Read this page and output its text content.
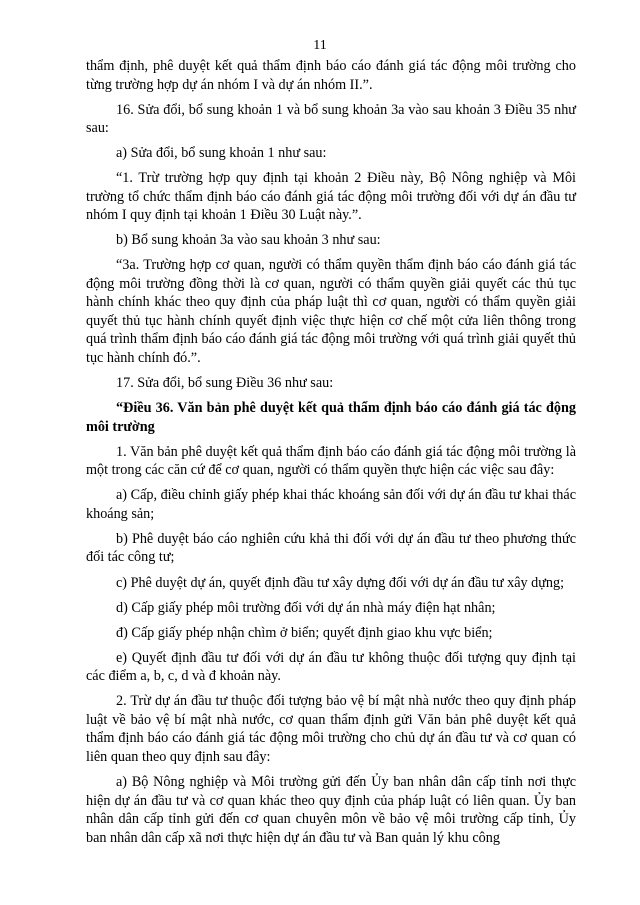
11

thẩm định, phê duyệt kết quả thẩm định báo cáo đánh giá tác động môi trường cho từng trường hợp dự án nhóm I và dự án nhóm II.”.

16. Sửa đổi, bổ sung khoản 1 và bổ sung khoản 3a vào sau khoản 3 Điều 35 như sau:

a) Sửa đổi, bổ sung khoản 1 như sau:

“1. Trừ trường hợp quy định tại khoản 2 Điều này, Bộ Nông nghiệp và Môi trường tổ chức thẩm định báo cáo đánh giá tác động môi trường đối với dự án đầu tư nhóm I quy định tại khoản 1 Điều 30 Luật này.”.

b) Bổ sung khoản 3a vào sau khoản 3 như sau:

“3a. Trường hợp cơ quan, người có thẩm quyền thẩm định báo cáo đánh giá tác động môi trường đồng thời là cơ quan, người có thẩm quyền giải quyết các thủ tục hành chính khác theo quy định của pháp luật thì cơ quan, người có thẩm quyền giải quyết thủ tục hành chính quyết định việc thực hiện cơ chế một cửa liên thông trong quá trình thẩm định báo cáo đánh giá tác động môi trường với quá trình giải quyết thủ tục hành chính đó.”.

17. Sửa đổi, bổ sung Điều 36 như sau:

“Điều 36. Văn bản phê duyệt kết quả thẩm định báo cáo đánh giá tác động môi trường

1. Văn bản phê duyệt kết quả thẩm định báo cáo đánh giá tác động môi trường là một trong các căn cứ để cơ quan, người có thẩm quyền thực hiện các việc sau đây:

a) Cấp, điều chỉnh giấy phép khai thác khoáng sản đối với dự án đầu tư khai thác khoáng sản;

b) Phê duyệt báo cáo nghiên cứu khả thi đối với dự án đầu tư theo phương thức đối tác công tư;

c) Phê duyệt dự án, quyết định đầu tư xây dựng đối với dự án đầu tư xây dựng;

d) Cấp giấy phép môi trường đối với dự án nhà máy điện hạt nhân;

đ) Cấp giấy phép nhận chìm ở biển; quyết định giao khu vực biển;

e) Quyết định đầu tư đối với dự án đầu tư không thuộc đối tượng quy định tại các điểm a, b, c, d và đ khoản này.

2. Trừ dự án đầu tư thuộc đối tượng bảo vệ bí mật nhà nước theo quy định pháp luật về bảo vệ bí mật nhà nước, cơ quan thẩm định gửi Văn bản phê duyệt kết quả thẩm định báo cáo đánh giá tác động môi trường cho chủ dự án đầu tư và cơ quan có liên quan theo quy định sau đây:

a) Bộ Nông nghiệp và Môi trường gửi đến Ủy ban nhân dân cấp tỉnh nơi thực hiện dự án đầu tư và cơ quan khác theo quy định của pháp luật có liên quan. Ủy ban nhân dân cấp tỉnh gửi đến cơ quan chuyên môn về bảo vệ môi trường cấp tỉnh, Ủy ban nhân dân cấp xã nơi thực hiện dự án đầu tư và Ban quản lý khu công
